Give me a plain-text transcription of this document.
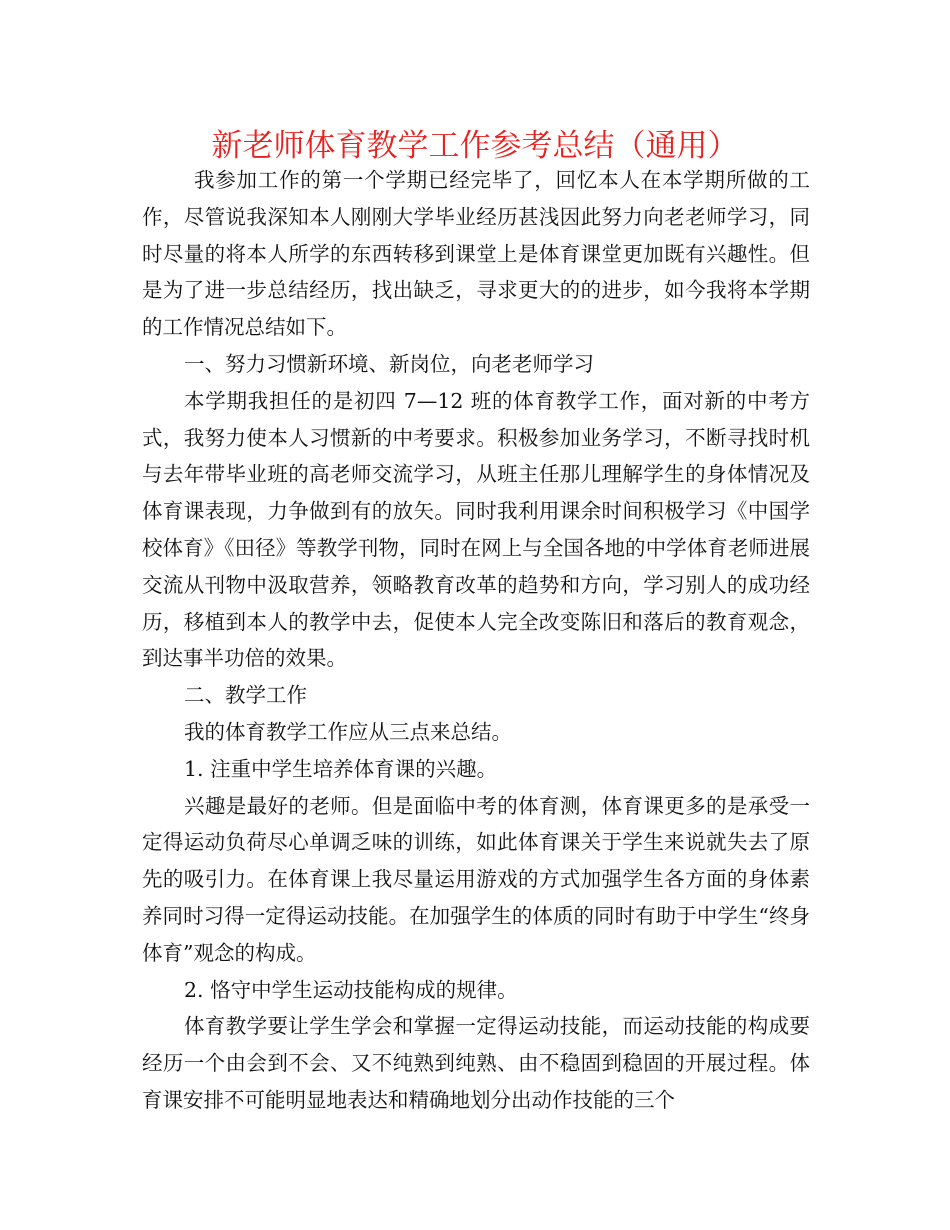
新老师体育教学工作参考总结（通用）

我参加工作的第一个学期已经完毕了，回忆本人在本学期所做的工作，尽管说我深知本人刚刚大学毕业经历甚浅因此努力向老老师学习，同时尽量的将本人所学的东西转移到课堂上是体育课堂更加既有兴趣性。但是为了进一步总结经历，找出缺乏，寻求更大的的进步，如今我将本学期的工作情况总结如下。

一、努力习惯新环境、新岗位，向老老师学习

本学期我担任的是初四 7—12 班的体育教学工作，面对新的中考方式，我努力使本人习惯新的中考要求。积极参加业务学习，不断寻找时机与去年带毕业班的高老师交流学习，从班主任那儿理解学生的身体情况及体育课表现，力争做到有的放矢。同时我利用课余时间积极学习《中国学校体育》《田径》等教学刊物，同时在网上与全国各地的中学体育老师进展交流从刊物中汲取营养，领略教育改革的趋势和方向，学习别人的成功经历，移植到本人的教学中去，促使本人完全改变陈旧和落后的教育观念，到达事半功倍的效果。

二、教学工作

我的体育教学工作应从三点来总结。

1. 注重中学生培养体育课的兴趣。

兴趣是最好的老师。但是面临中考的体育测，体育课更多的是承受一定得运动负荷尽心单调乏味的训练，如此体育课关于学生来说就失去了原先的吸引力。在体育课上我尽量运用游戏的方式加强学生各方面的身体素养同时习得一定得运动技能。在加强学生的体质的同时有助于中学生“终身体育”观念的构成。

2. 恪守中学生运动技能构成的规律。

体育教学要让学生学会和掌握一定得运动技能，而运动技能的构成要经历一个由会到不会、又不纯熟到纯熟、由不稳固到稳固的开展过程。体育课安排不可能明显地表达和精确地划分出动作技能的三个
